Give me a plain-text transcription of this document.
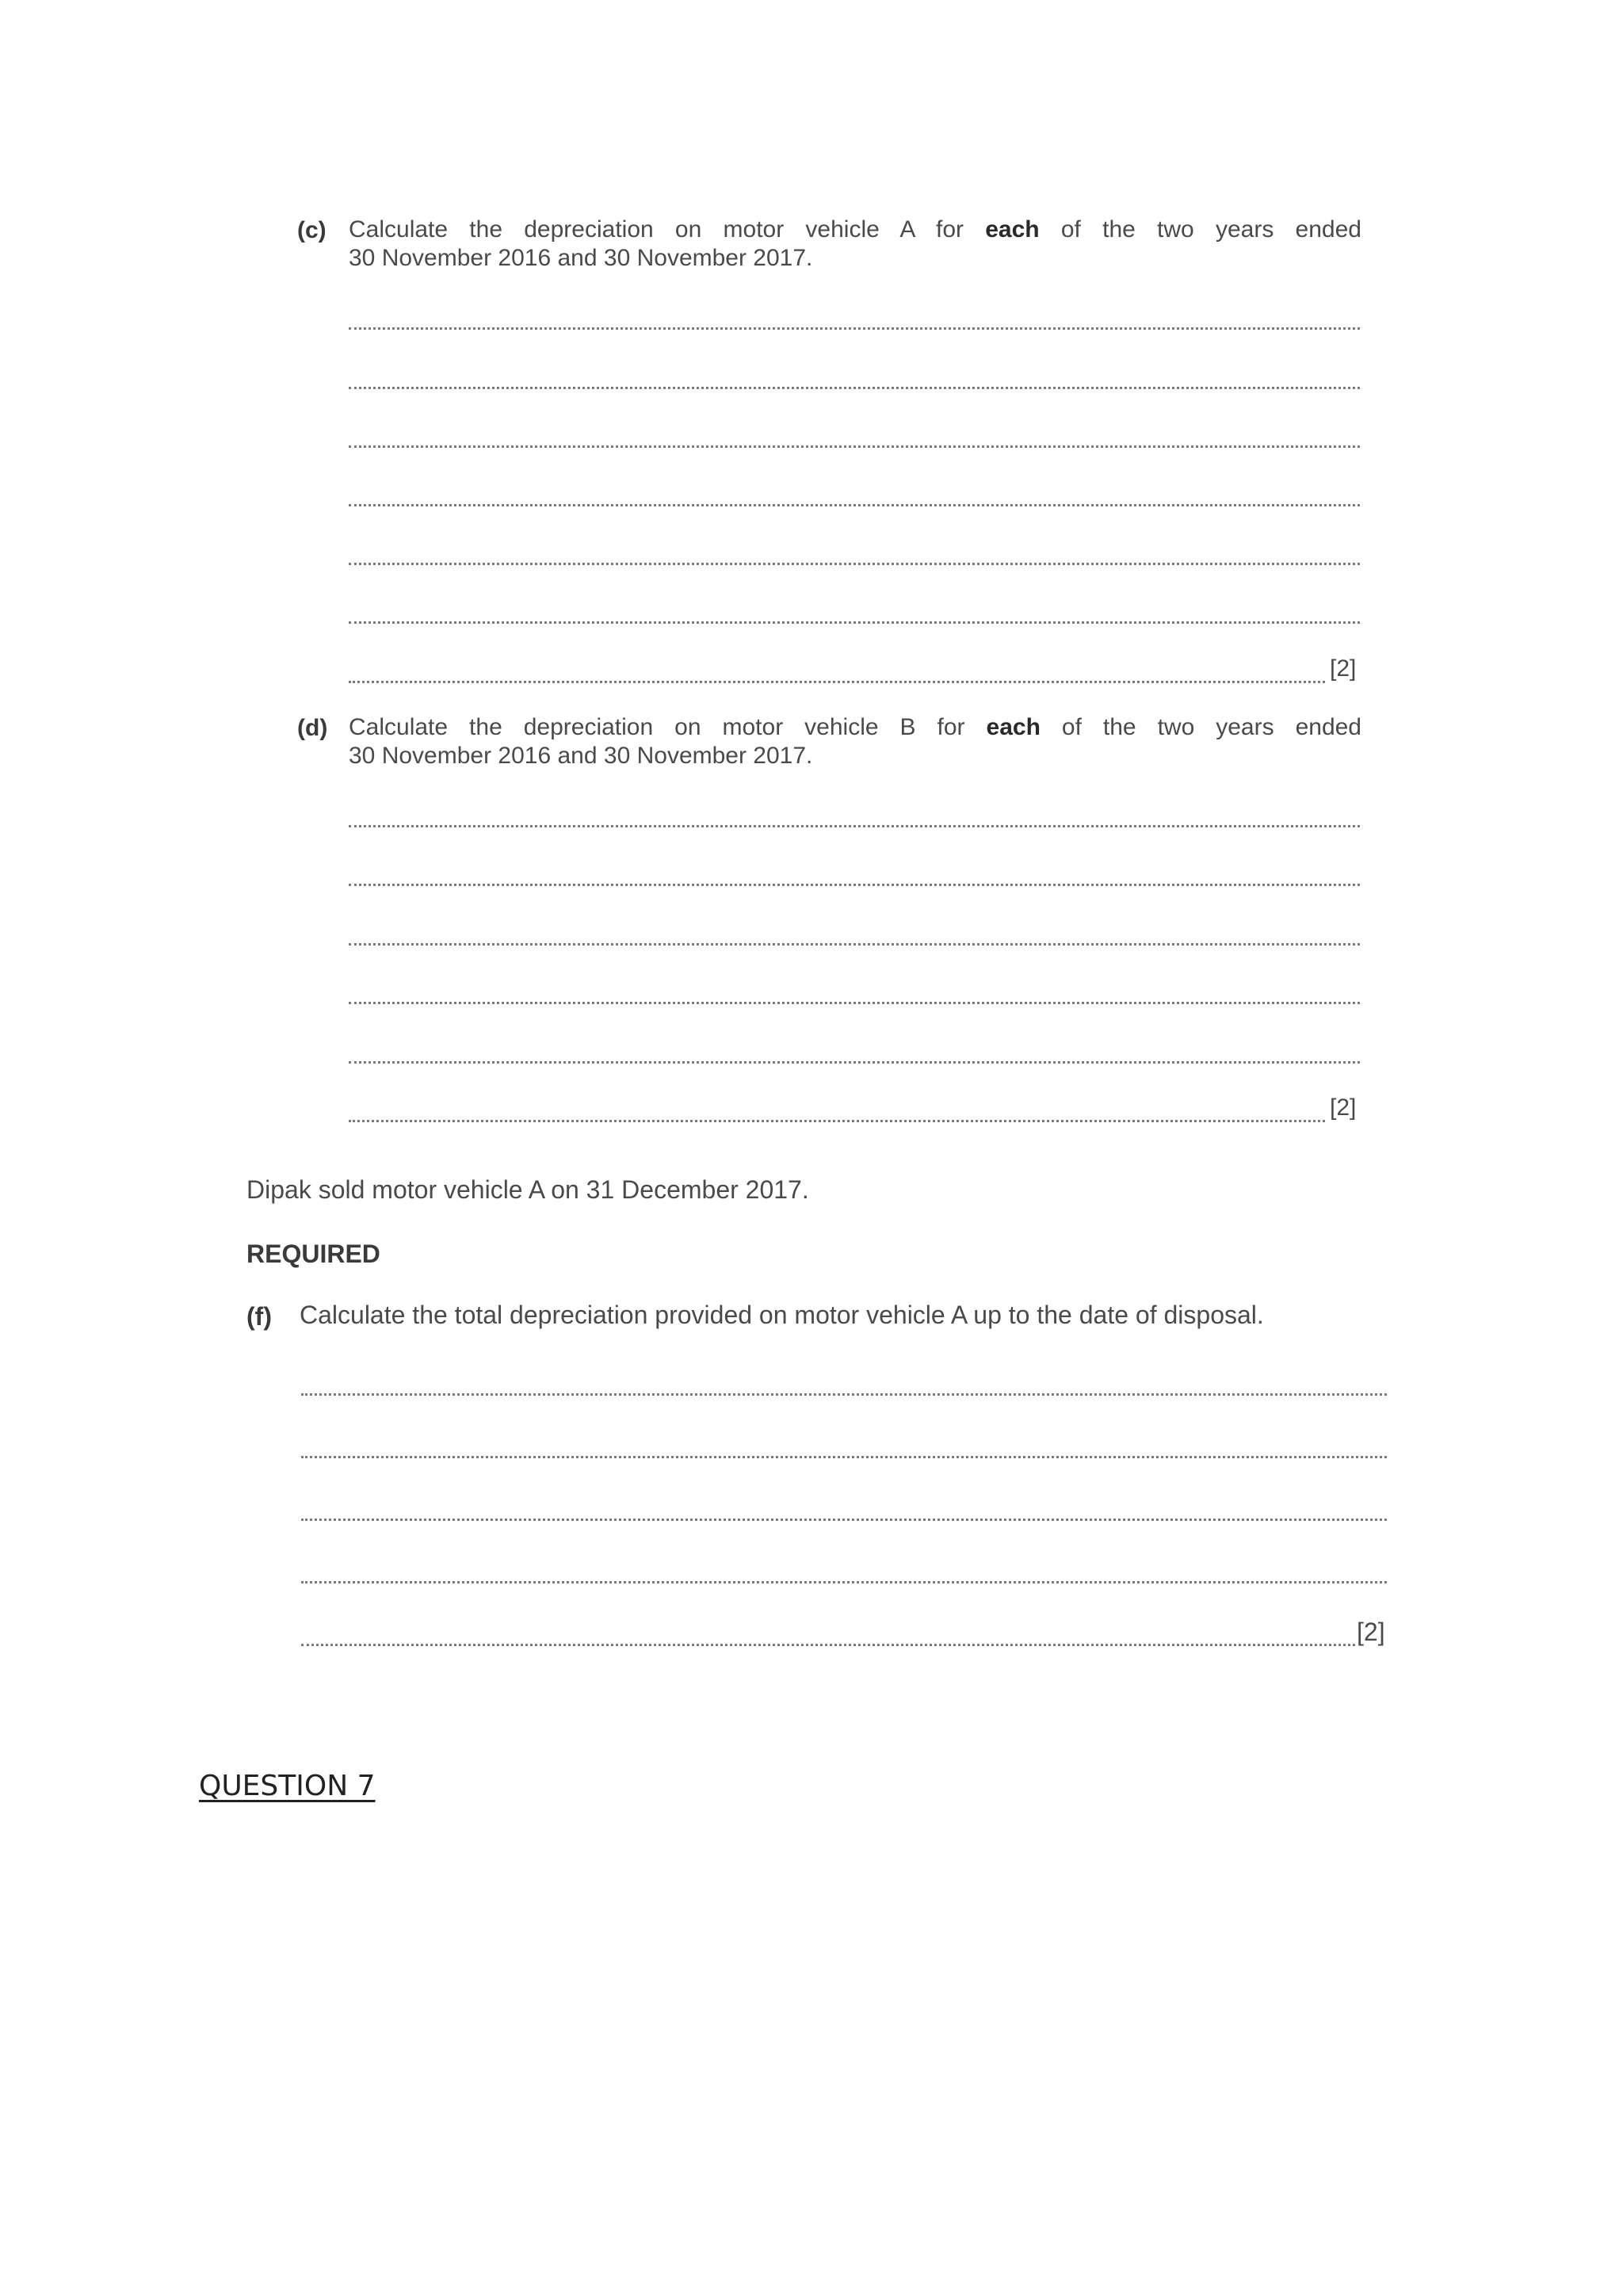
(c) Calculate the depreciation on motor vehicle A for each of the two years ended
30 November 2016 and 30 November 2017.
[2]
(d) Calculate the depreciation on motor vehicle B for each of the two years ended
30 November 2016 and 30 November 2017.
[2]
Dipak sold motor vehicle A on 31 December 2017.
REQUIRED
(f) Calculate the total depreciation provided on motor vehicle A up to the date of disposal.
[2]
QUESTION 7
